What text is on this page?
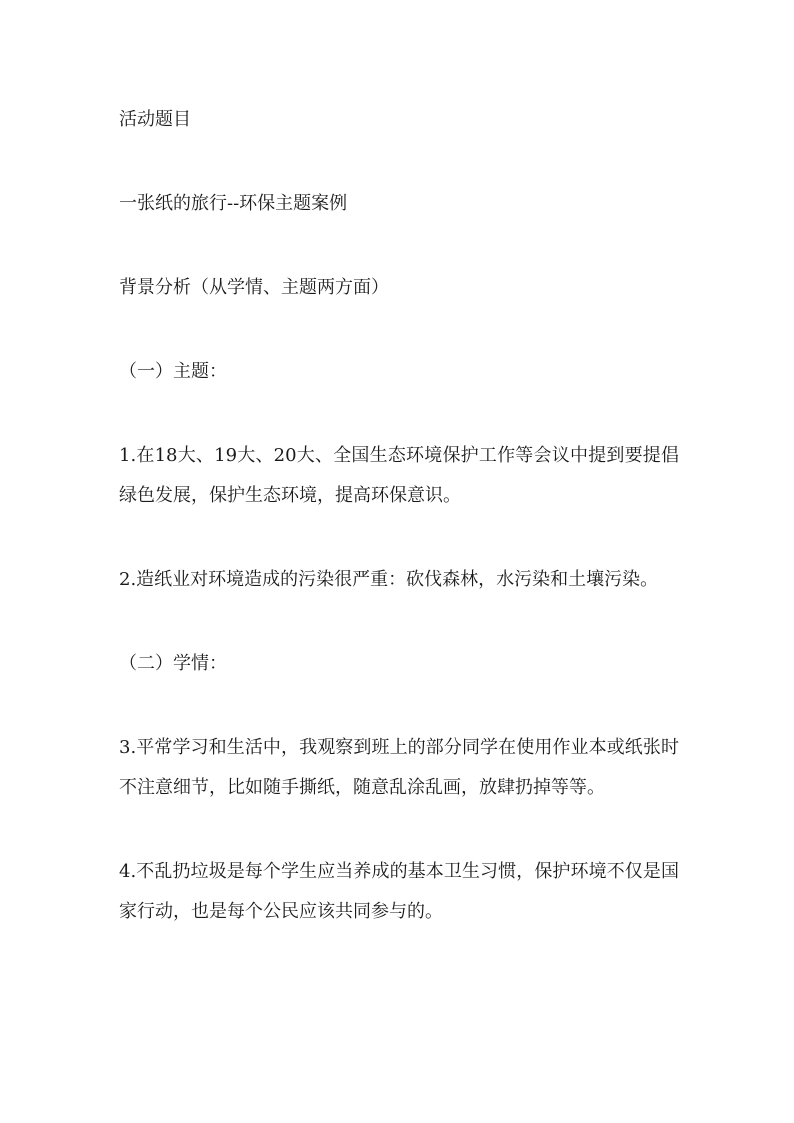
活动题目

一张纸的旅行--环保主题案例

背景分析（从学情、主题两方面）

（一）主题：

1.在18大、19大、20大、全国生态环境保护工作等会议中提到要提倡绿色发展，保护生态环境，提高环保意识。

2.造纸业对环境造成的污染很严重：砍伐森林，水污染和土壤污染。

（二）学情：

3.平常学习和生活中，我观察到班上的部分同学在使用作业本或纸张时不注意细节，比如随手撕纸，随意乱涂乱画，放肆扔掉等等。

4.不乱扔垃圾是每个学生应当养成的基本卫生习惯，保护环境不仅是国家行动，也是每个公民应该共同参与的。
